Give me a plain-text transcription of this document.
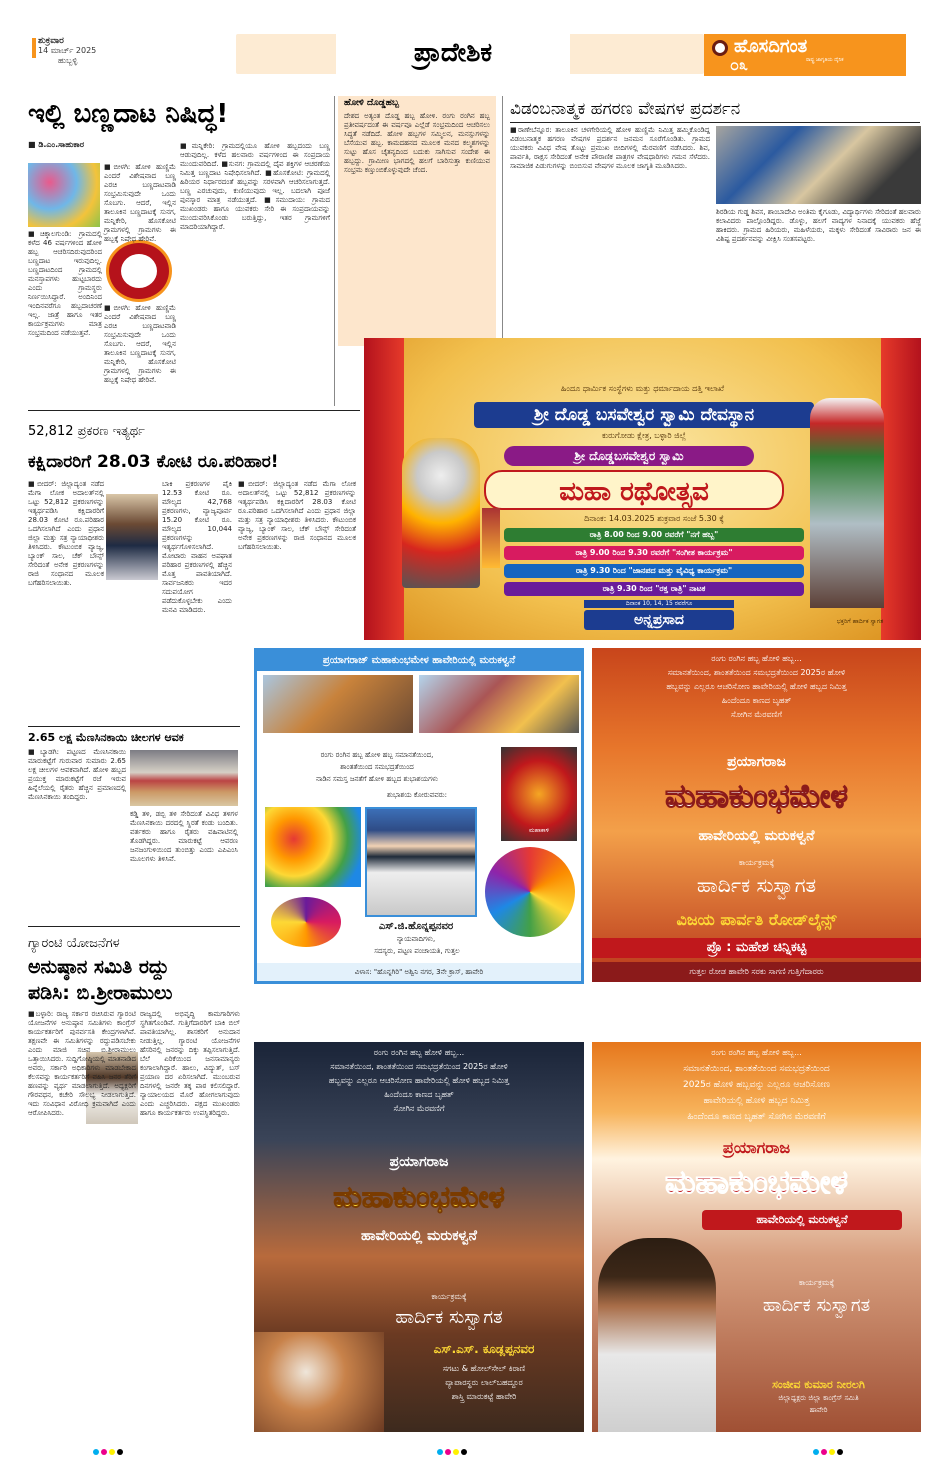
ಶುಕ್ರವಾರ
14 ಮಾರ್ಚ್ 2025
ಹುಬ್ಬಳ್ಳಿ	ಪ್ರಾದೇಶಿಕ	ಹೊಸದಿಗಂತ
ರಾಷ್ಟ್ರ ಜಾಗೃತಿಯ ದೈನಿಕ
೦೩
ಇಲ್ಲಿ ಬಣ್ಣದಾಟ ನಿಷಿದ್ಧ!
■ ಡಿ.ಎಂ.ಸಾಹುಕಾರ
■ಬೀಳಗಿ: ಹೋಳಿ ಹುಣ್ಣಿಮೆ ಎಂದರೆ ವಿಶೇಷವಾದ ಬಣ್ಣ ಎರಚಿ ಬಣ್ಣದಾಟವಾಡಿ ಸಂಭ್ರಮಿಸುವುದೇ ಒಂದು ಸೊಬಗು. ಆದರೆ, ಇಲ್ಲಿನ ತಾಲೂಕಿನ ಬಣ್ಣದಾಟಕ್ಕೆ ಸುನಗ, ಮನ್ನಿಕೇರಿ, ಹೊಸಕೋಟಿ ಗ್ರಾಮಗಳಲ್ಲಿ ಗ್ರಾಮಗಳು ಈ ಹಬ್ಬಕ್ಕೆ ನಿಷೇಧ ಹೇರಿವೆ.
■ಚಿಕ್ಕಾಲಗುಂಡಿ: ಗ್ರಾಮದಲ್ಲಿ ಕಳೆದ 46 ವರ್ಷಗಳಿಂದ ಹೋಳಿ ಹಬ್ಬ ಆಚರಿಸದಿರುವುದರಿಂದ ಬಣ್ಣದಾಟ ಇರುವುದಿಲ್ಲ. ಬಣ್ಣದಾಟದಿಂದ ಗ್ರಾಮದಲ್ಲಿ ಮನಸ್ತಾಪಗಳು ಹುಟ್ಟಬಾರದು ಎಂದು ಗ್ರಾಮಸ್ಥರು ನಿರ್ಣಯಿಸಿದ್ದಾರೆ. ಅಂದಿನಿಂದ ಇಂದಿನವರೆಗೂ ಹಬ್ಬದಾಚರಣೆ ಇಲ್ಲ. ಜಾತ್ರೆ ಹಾಗೂ ಇತರ ಕಾರ್ಯಕ್ರಮಗಳು ಮಾತ್ರ ಸಂಭ್ರಮದಿಂದ ನಡೆಯುತ್ತವೆ.
■ಬೀಳಗಿ: ಹೋಳಿ ಹುಣ್ಣಿಮೆ ಎಂದರೆ ವಿಶೇಷವಾದ ಬಣ್ಣ ಎರಚಿ ಬಣ್ಣದಾಟವಾಡಿ ಸಂಭ್ರಮಿಸುವುದೇ ಒಂದು ಸೊಬಗು. ಆದರೆ, ಇಲ್ಲಿನ ತಾಲೂಕಿನ ಬಣ್ಣದಾಟಕ್ಕೆ ಸುನಗ, ಮನ್ನಿಕೇರಿ, ಹೊಸಕೋಟಿ ಗ್ರಾಮಗಳಲ್ಲಿ ಗ್ರಾಮಗಳು ಈ ಹಬ್ಬಕ್ಕೆ ನಿಷೇಧ ಹೇರಿವೆ.
■ಮನ್ನಿಕೇರಿ: ಗ್ರಾಮದಲ್ಲಿಯೂ ಹೋಳಿ ಹಬ್ಬದಂದು ಬಣ್ಣ ಆಡುವುದಿಲ್ಲ. ಕಳೆದ ಹಲವಾರು ವರ್ಷಗಳಿಂದ ಈ ಸಂಪ್ರದಾಯ ಮುಂದುವರಿದಿದೆ. ■ಸುನಗ: ಗ್ರಾಮದಲ್ಲಿ ದೈವ ಶಕ್ತಿಗಳ ಆಚರಣೆಯ ನಿಮಿತ್ತ ಬಣ್ಣದಾಟ ನಿಷೇಧಿಸಲಾಗಿದೆ. ■ಹೊಸಕೋಟಿ: ಗ್ರಾಮದಲ್ಲಿ ಹಿರಿಯರ ನಿರ್ಧಾರದಂತೆ ಹಬ್ಬವನ್ನು ಸರಳವಾಗಿ ಆಚರಿಸಲಾಗುತ್ತದೆ. ಬಣ್ಣ ಎರಚುವುದು, ಕುಣಿಯುವುದು ಇಲ್ಲ. ಬದಲಾಗಿ ಪೂಜೆ ಪುನಸ್ಕಾರ ಮಾತ್ರ ನಡೆಯುತ್ತದೆ. ■ಸಮುದಾಯ: ಗ್ರಾಮದ ಮುಖಂಡರು ಹಾಗೂ ಯುವಕರು ಸೇರಿ ಈ ಸಂಪ್ರದಾಯವನ್ನು ಮುಂದುವರಿಸಿಕೊಂಡು ಬರುತ್ತಿದ್ದು, ಇತರ ಗ್ರಾಮಗಳಿಗೆ ಮಾದರಿಯಾಗಿದ್ದಾರೆ.
ಹೋಳಿ ದೊಡ್ಡಹಬ್ಬ
ದೇಶದ ಅತ್ಯಂತ ದೊಡ್ಡ ಹಬ್ಬ ಹೋಳಿ. ರಂಗು ರಂಗಿನ ಹಬ್ಬ ಪ್ರತೀವರ್ಷದಂತೆ ಈ ವರ್ಷವೂ ಎಲ್ಲೆಡೆ ಸಂಭ್ರಮದಿಂದ ಆಚರಿಸಲು ಸಿದ್ಧತೆ ನಡೆದಿದೆ. ಹೋಳಿ ಹಬ್ಬಗಳ ಸಮ್ಮಿಲನ, ಮನಸ್ಸುಗಳನ್ನು ಬೆಸೆಯುವ ಹಬ್ಬ. ಕಾಮದಹನದ ಮೂಲಕ ಮನದ ಕಲ್ಮಶಗಳನ್ನು ಸುಟ್ಟು ಹೊಸ ಚೈತನ್ಯದಿಂದ ಬದುಕು ಸಾಗಿಸುವ ಸಂದೇಶ ಈ ಹಬ್ಬದ್ದು. ಗ್ರಾಮೀಣ ಭಾಗದಲ್ಲಿ ಹಲಗೆ ಬಾರಿಸುತ್ತಾ ಕುಣಿಯುವ ಸಂಭ್ರಮ ಕಣ್ತುಂಬಿಕೊಳ್ಳುವುದೇ ಚೆಂದ.
ವಿಡಂಬನಾತ್ಮಕ ಹಗರಣ ವೇಷಗಳ ಪ್ರದರ್ಶನ
■ರಾಣೇಬೆನ್ನೂರ: ತಾಲೂಕಿನ ಚಳಗೇರಿಯಲ್ಲಿ ಹೋಳಿ ಹುಣ್ಣಿಮೆ ನಿಮಿತ್ತ ಹಮ್ಮಿಕೊಂಡಿದ್ದ ವಿಡಂಬನಾತ್ಮಕ ಹಗರಣ ವೇಷಗಳ ಪ್ರದರ್ಶನ ಜನಮನ ಸೂರೆಗೊಂಡಿತು. ಗ್ರಾಮದ ಯುವಕರು ವಿವಿಧ ವೇಷ ತೊಟ್ಟು ಪ್ರಮುಖ ಬೀದಿಗಳಲ್ಲಿ ಮೆರವಣಿಗೆ ನಡೆಸಿದರು. ಶಿವ, ಪಾರ್ವತಿ, ರಾಕ್ಷಸ ಸೇರಿದಂತೆ ಅನೇಕ ಪೌರಾಣಿಕ ಪಾತ್ರಗಳ ವೇಷಧಾರಿಗಳು ಗಮನ ಸೆಳೆದರು. ಸಾಮಾಜಿಕ ಪಿಡುಗುಗಳನ್ನು ಬಿಂಬಿಸುವ ವೇಷಗಳ ಮೂಲಕ ಜಾಗೃತಿ ಮೂಡಿಸಿದರು.
ಶಿರಡಿಯ ಗುಡ್ಡ ಶಿವಸ, ಶಾಂಬಾದೇವಿ ಅಂತಿಮ ಕೈಗೂಡು, ವಿದ್ಯಾರ್ಥಿಗಳು ಸೇರಿದಂತೆ ಹಲವಾರು ಕಲಾವಿದರು ಪಾಲ್ಗೊಂಡಿದ್ದರು. ಡೊಳ್ಳು, ಹಲಗೆ ವಾದ್ಯಗಳ ನಿನಾದಕ್ಕೆ ಯುವಕರು ಹೆಜ್ಜೆ ಹಾಕಿದರು. ಗ್ರಾಮದ ಹಿರಿಯರು, ಮಹಿಳೆಯರು, ಮಕ್ಕಳು ಸೇರಿದಂತೆ ಸಾವಿರಾರು ಜನ ಈ ವಿಶಿಷ್ಟ ಪ್ರದರ್ಶನವನ್ನು ವೀಕ್ಷಿಸಿ ಸಂತಸಪಟ್ಟರು.
52,812 ಪ್ರಕರಣ ಇತ್ಯರ್ಥ
ಕಕ್ಷಿದಾರರಿಗೆ 28.03 ಕೋಟಿ ರೂ.ಪರಿಹಾರ!
■ಬೀದರ್: ಜಿಲ್ಲಾದ್ಯಂತ ನಡೆದ ಮೆಗಾ ಲೋಕ ಅದಾಲತ್‌ನಲ್ಲಿ ಒಟ್ಟು 52,812 ಪ್ರಕರಣಗಳನ್ನು ಇತ್ಯರ್ಥಪಡಿಸಿ ಕಕ್ಷಿದಾರರಿಗೆ 28.03 ಕೋಟಿ ರೂ.ಪರಿಹಾರ ಒದಗಿಸಲಾಗಿದೆ ಎಂದು ಪ್ರಧಾನ ಜಿಲ್ಲಾ ಮತ್ತು ಸತ್ರ ನ್ಯಾಯಾಧೀಶರು ತಿಳಿಸಿದರು. ಕೌಟುಂಬಿಕ ವ್ಯಾಜ್ಯ, ಬ್ಯಾಂಕ್ ಸಾಲ, ಚೆಕ್ ಬೌನ್ಸ್ ಸೇರಿದಂತೆ ಅನೇಕ ಪ್ರಕರಣಗಳನ್ನು ರಾಜಿ ಸಂಧಾನದ ಮೂಲಕ ಬಗೆಹರಿಸಲಾಯಿತು.
ಬಾಕಿ ಪ್ರಕರಣಗಳ ಪೈಕಿ 12.53 ಕೋಟಿ ರೂ. ಮೌಲ್ಯದ 42,768 ಪ್ರಕರಣಗಳು, ವ್ಯಾಜ್ಯಪೂರ್ವ 15.20 ಕೋಟಿ ರೂ. ಮೌಲ್ಯದ 10,044 ಪ್ರಕರಣಗಳನ್ನು ಇತ್ಯರ್ಥಗೊಳಿಸಲಾಗಿದೆ. ಮೋಟಾರು ವಾಹನ ಅಪಘಾತ ಪರಿಹಾರ ಪ್ರಕರಣಗಳಲ್ಲಿ ಹೆಚ್ಚಿನ ಮೊತ್ತ ಪಾವತಿಯಾಗಿದೆ. ಸಾರ್ವಜನಿಕರು ಇದರ ಸದುಪಯೋಗ ಪಡೆದುಕೊಳ್ಳಬೇಕು ಎಂದು ಮನವಿ ಮಾಡಿದರು.
■ಬೀದರ್: ಜಿಲ್ಲಾದ್ಯಂತ ನಡೆದ ಮೆಗಾ ಲೋಕ ಅದಾಲತ್‌ನಲ್ಲಿ ಒಟ್ಟು 52,812 ಪ್ರಕರಣಗಳನ್ನು ಇತ್ಯರ್ಥಪಡಿಸಿ ಕಕ್ಷಿದಾರರಿಗೆ 28.03 ಕೋಟಿ ರೂ.ಪರಿಹಾರ ಒದಗಿಸಲಾಗಿದೆ ಎಂದು ಪ್ರಧಾನ ಜಿಲ್ಲಾ ಮತ್ತು ಸತ್ರ ನ್ಯಾಯಾಧೀಶರು ತಿಳಿಸಿದರು. ಕೌಟುಂಬಿಕ ವ್ಯಾಜ್ಯ, ಬ್ಯಾಂಕ್ ಸಾಲ, ಚೆಕ್ ಬೌನ್ಸ್ ಸೇರಿದಂತೆ ಅನೇಕ ಪ್ರಕರಣಗಳನ್ನು ರಾಜಿ ಸಂಧಾನದ ಮೂಲಕ ಬಗೆಹರಿಸಲಾಯಿತು.
ಹಿಂದೂ ಧಾರ್ಮಿಕ ಸಂಸ್ಥೆಗಳು ಮತ್ತು ಧರ್ಮಾದಾಯ ದತ್ತಿ ಇಲಾಖೆ
ಶ್ರೀ ದೊಡ್ಡ ಬಸವೇಶ್ವರ ಸ್ವಾಮಿ ದೇವಸ್ಥಾನ
ಕುರುಗೋಡು ಕ್ಷೇತ್ರ, ಬಳ್ಳಾರಿ ಜಿಲ್ಲೆ
ಶ್ರೀ ದೊಡ್ಡಬಸವೇಶ್ವರ ಸ್ವಾಮಿ
ಮಹಾ ರಥೋತ್ಸವ
ದಿನಾಂಕ: 14.03.2025 ಶುಕ್ರವಾರ ಸಂಜೆ 5.30 ಕ್ಕೆ
ರಾತ್ರಿ 8.00 ರಿಂದ 9.00 ರವರೆಗೆ "ನಗೆ ಹಬ್ಬ"
ರಾತ್ರಿ 9.00 ರಿಂದ 9.30 ರವರೆಗೆ "ಸಂಗೀತ ಕಾರ್ಯಕ್ರಮ"
ರಾತ್ರಿ 9.30 ರಿಂದ "ಜಾನಪದ ಮತ್ತು ವೈವಿಧ್ಯ ಕಾರ್ಯಕ್ರಮ"
ರಾತ್ರಿ 9.30 ರಿಂದ "ರಕ್ತ ರಾತ್ರಿ" ನಾಟಕ
ದಿನಾಂಕ 10, 14, 15 ರವರೆಗೂ
ಅನ್ನಪ್ರಸಾದ	ಭಕ್ತರಿಗೆ ಹಾರ್ದಿಕ ಸ್ವಾಗತ
2.65 ಲಕ್ಷ ಮೆಣಸಿನಕಾಯಿ ಚೀಲಗಳ ಆವಕ
■ಬ್ಯಾಡಗಿ: ಪಟ್ಟಣದ ಮೆಣಸಿನಕಾಯಿ ಮಾರುಕಟ್ಟೆಗೆ ಗುರುವಾರ ಸುಮಾರು 2.65 ಲಕ್ಷ ಚೀಲಗಳ ಆವಕವಾಗಿದೆ. ಹೋಳಿ ಹಬ್ಬದ ಪ್ರಯುಕ್ತ ಮಾರುಕಟ್ಟೆಗೆ ರಜೆ ಇರುವ ಹಿನ್ನೆಲೆಯಲ್ಲಿ ರೈತರು ಹೆಚ್ಚಿನ ಪ್ರಮಾಣದಲ್ಲಿ ಮೆಣಸಿನಕಾಯಿ ತಂದಿದ್ದರು.
ಕಡ್ಡಿ ತಳಿ, ಡಬ್ಬಿ ತಳಿ ಸೇರಿದಂತೆ ವಿವಿಧ ತಳಿಗಳ ಮೆಣಸಿನಕಾಯಿ ದರದಲ್ಲಿ ಸ್ಥಿರತೆ ಕಂಡು ಬಂದಿತು. ವರ್ತಕರು ಹಾಗೂ ರೈತರು ವಹಿವಾಟಿನಲ್ಲಿ ತೊಡಗಿದ್ದರು. ಮಾರುಕಟ್ಟೆ ಆವರಣ ಜನಜಂಗುಳಿಯಿಂದ ತುಂಬಿತ್ತು ಎಂದು ಎಪಿಎಂಸಿ ಮೂಲಗಳು ತಿಳಿಸಿವೆ.
ಗ್ಯಾರಂಟಿ ಯೋಜನೆಗಳ
ಅನುಷ್ಠಾನ ಸಮಿತಿ ರದ್ದು
ಪಡಿಸಿ: ಬಿ.ಶ್ರೀರಾಮುಲು
■ಬಳ್ಳಾರಿ: ರಾಜ್ಯ ಸರ್ಕಾರ ರಚಿಸಿರುವ ಗ್ಯಾರಂಟಿ ಯೋಜನೆಗಳ ಅನುಷ್ಠಾನ ಸಮಿತಿಗಳು ಕಾಂಗ್ರೆಸ್ ಕಾರ್ಯಕರ್ತರಿಗೆ ಪುನರ್ವಸತಿ ಕೇಂದ್ರಗಳಾಗಿವೆ. ತಕ್ಷಣವೇ ಈ ಸಮಿತಿಗಳನ್ನು ರದ್ದುಪಡಿಸಬೇಕು ಎಂದು ಮಾಜಿ ಸಚಿವ ಬಿ.ಶ್ರೀರಾಮುಲು ಒತ್ತಾಯಿಸಿದರು. ಸುದ್ದಿಗೋಷ್ಠಿಯಲ್ಲಿ ಮಾತನಾಡಿದ ಅವರು, ಸರ್ಕಾರಿ ಅಧಿಕಾರಿಗಳು ಮಾಡಬೇಕಾದ ಕೆಲಸವನ್ನು ಕಾರ್ಯಕರ್ತರಿಗೆ ವಹಿಸಿ ಜನರ ತೆರಿಗೆ ಹಣವನ್ನು ವ್ಯರ್ಥ ಮಾಡಲಾಗುತ್ತಿದೆ. ಅಧ್ಯಕ್ಷರಿಗೆ ಗೌರವಧನ, ಕಚೇರಿ ಸೌಲಭ್ಯ ನೀಡಲಾಗುತ್ತಿದೆ. ಇದು ಸಂವಿಧಾನ ವಿರೋಧಿ ಕ್ರಮವಾಗಿದೆ ಎಂದು ಆರೋಪಿಸಿದರು.
ರಾಜ್ಯದಲ್ಲಿ ಅಭಿವೃದ್ಧಿ ಕಾಮಗಾರಿಗಳು ಸ್ಥಗಿತಗೊಂಡಿವೆ. ಗುತ್ತಿಗೆದಾರರಿಗೆ ಬಾಕಿ ಬಿಲ್ ಪಾವತಿಯಾಗಿಲ್ಲ. ಶಾಸಕರಿಗೆ ಅನುದಾನ ನೀಡುತ್ತಿಲ್ಲ. ಗ್ಯಾರಂಟಿ ಯೋಜನೆಗಳ ಹೆಸರಿನಲ್ಲಿ ಜನರನ್ನು ದಿಕ್ಕು ತಪ್ಪಿಸಲಾಗುತ್ತಿದೆ. ಬೆಲೆ ಏರಿಕೆಯಿಂದ ಜನಸಾಮಾನ್ಯರು ಕಂಗಾಲಾಗಿದ್ದಾರೆ. ಹಾಲು, ವಿದ್ಯುತ್, ಬಸ್ ಪ್ರಯಾಣ ದರ ಏರಿಸಲಾಗಿದೆ. ಮುಂಬರುವ ದಿನಗಳಲ್ಲಿ ಜನರೇ ತಕ್ಕ ಪಾಠ ಕಲಿಸಲಿದ್ದಾರೆ. ನ್ಯಾಯಾಲಯದ ಮೊರೆ ಹೋಗಲಾಗುವುದು ಎಂದು ಎಚ್ಚರಿಸಿದರು. ಪಕ್ಷದ ಮುಖಂಡರು ಹಾಗೂ ಕಾರ್ಯಕರ್ತರು ಉಪಸ್ಥಿತರಿದ್ದರು.
ಪ್ರಯಾಗರಾಜ್ ಮಹಾಕುಂಭಮೇಳ ಹಾವೇರಿಯಲ್ಲಿ ಮರುಕಳ್ವನೆ
ರಂಗು ರಂಗಿನ ಹಬ್ಬ ಹೋಳಿ ಹಬ್ಬ ಸಮಾನತೆಯಿಂದ,
ಶಾಂತತೆಯಿಂದ ಸಮಭದ್ರತೆಯಿಂದ
ನಾಡಿನ ಸಮಸ್ತ ಜನತೆಗೆ ಹೋಳಿ ಹಬ್ಬದ ಶುಭಾಶಯಗಳು
ಮಹಾಕಾಳಿ
ಶುಭಾಶಯ ಕೋರುವವರು:
ಎಸ್.ಜಿ.ಹೊನ್ನಪ್ಪನವರ
ನ್ಯಾಯವಾದಿಗಳು,
ಸದಸ್ಯರು, ಪಟ್ಟಣ ಪಂಚಾಯತಿ, ಗುತ್ತಲ
ವಿಳಾಸ: "ಹೊನ್ನಗಿರಿ" ಅಶ್ವಿನಿ ನಗರ, 3ನೇ ಕ್ರಾಸ್, ಹಾವೇರಿ
ರಂಗು ರಂಗಿನ ಹಬ್ಬ ಹೋಳಿ ಹಬ್ಬ...
ಸಮಾನತೆಯಿಂದ, ಶಾಂತತೆಯಿಂದ ಸಮಭದ್ರತೆಯಿಂದ 2025ರ ಹೋಳಿ
ಹಬ್ಬವನ್ನು ಎಲ್ಲರೂ ಆಚರಿಸೋಣ ಹಾವೇರಿಯಲ್ಲಿ ಹೋಳಿ ಹಬ್ಬದ ನಿಮಿತ್ತ
ಹಿಂದೆಂದೂ ಕಾಣದ ಬೃಹತ್
ಸೋಗಿನ ಮೆರವಣಿಗೆ
ಪ್ರಯಾಗರಾಜ
ಮಹಾಕುಂಭಮೇಳ
ಹಾವೇರಿಯಲ್ಲಿ ಮರುಕಳ್ವನೆ
ಕಾರ್ಯಕ್ರಮಕ್ಕೆ
ಹಾರ್ದಿಕ ಸುಸ್ವಾಗತ
ವಿಜಯ ಪಾರ್ವತಿ ರೋಡ್‌ಲೈನ್ಸ್
ಪ್ರೊ : ಮಹೇಶ ಚಿನ್ನಿಕಟ್ಟಿ
ಗುತ್ತಲ ರೋಡ ಹಾವೇರಿ ಸರಕು ಸಾಗಣಿ ಗುತ್ತಿಗೆದಾರರು
ರಂಗು ರಂಗಿನ ಹಬ್ಬ ಹೋಳಿ ಹಬ್ಬ...
ಸಮಾನತೆಯಿಂದ, ಶಾಂತತೆಯಿಂದ ಸಮಭದ್ರತೆಯಿಂದ 2025ರ ಹೋಳಿ
ಹಬ್ಬವನ್ನು ಎಲ್ಲರೂ ಆಚರಿಸೋಣ ಹಾವೇರಿಯಲ್ಲಿ ಹೋಳಿ ಹಬ್ಬದ ನಿಮಿತ್ತ
ಹಿಂದೆಂದೂ ಕಾಣದ ಬೃಹತ್
ಸೋಗಿನ ಮೆರವಣಿಗೆ
ಪ್ರಯಾಗರಾಜ
ಮಹಾಕುಂಭಮೇಳ
ಹಾವೇರಿಯಲ್ಲಿ ಮರುಕಳ್ವನೆ
ಕಾರ್ಯಕ್ರಮಕ್ಕೆ
ಹಾರ್ದಿಕ ಸುಸ್ವಾಗತ
ಎಸ್.ಎಸ್. ಕೂಡ್ಲಪ್ಪನವರ
ಸಗಟು & ಹೋಲ್‌ಸೇಲ್ ಕಿರಾಣಿ
ವ್ಯಾಪಾರಸ್ಥರು ಲಾಲ್‌ಬಹದ್ದೂರ
ಶಾಸ್ತ್ರಿ ಮಾರುಕಟ್ಟೆ ಹಾವೇರಿ
ರಂಗು ರಂಗಿನ ಹಬ್ಬ ಹೋಳಿ ಹಬ್ಬ...
ಸಮಾನತೆಯಿಂದ, ಶಾಂತತೆಯಿಂದ ಸಮಭದ್ರತೆಯಿಂದ
2025ರ ಹೋಳಿ ಹಬ್ಬವನ್ನು ಎಲ್ಲರೂ ಆಚರಿಸೋಣ
ಹಾವೇರಿಯಲ್ಲಿ ಹೋಳಿ ಹಬ್ಬದ ನಿಮಿತ್ತ
ಹಿಂದೆಂದೂ ಕಾಣದ ಬೃಹತ್ ಸೋಗಿನ ಮೆರವಣಿಗೆ
ಪ್ರಯಾಗರಾಜ
ಮಹಾಕುಂಭಮೇಳ
ಹಾವೇರಿಯಲ್ಲಿ ಮರುಕಳ್ವನೆ
ಕಾರ್ಯಕ್ರಮಕ್ಕೆ
ಹಾರ್ದಿಕ ಸುಸ್ವಾಗತ
ಸಂಜೀವ ಕುಮಾರ ನೀರಲಗಿ
ಜಿಲ್ಲಾಧ್ಯಕ್ಷರು ಜಿಲ್ಲಾ ಕಾಂಗ್ರೆಸ್ ಸಮಿತಿ
ಹಾವೇರಿ
